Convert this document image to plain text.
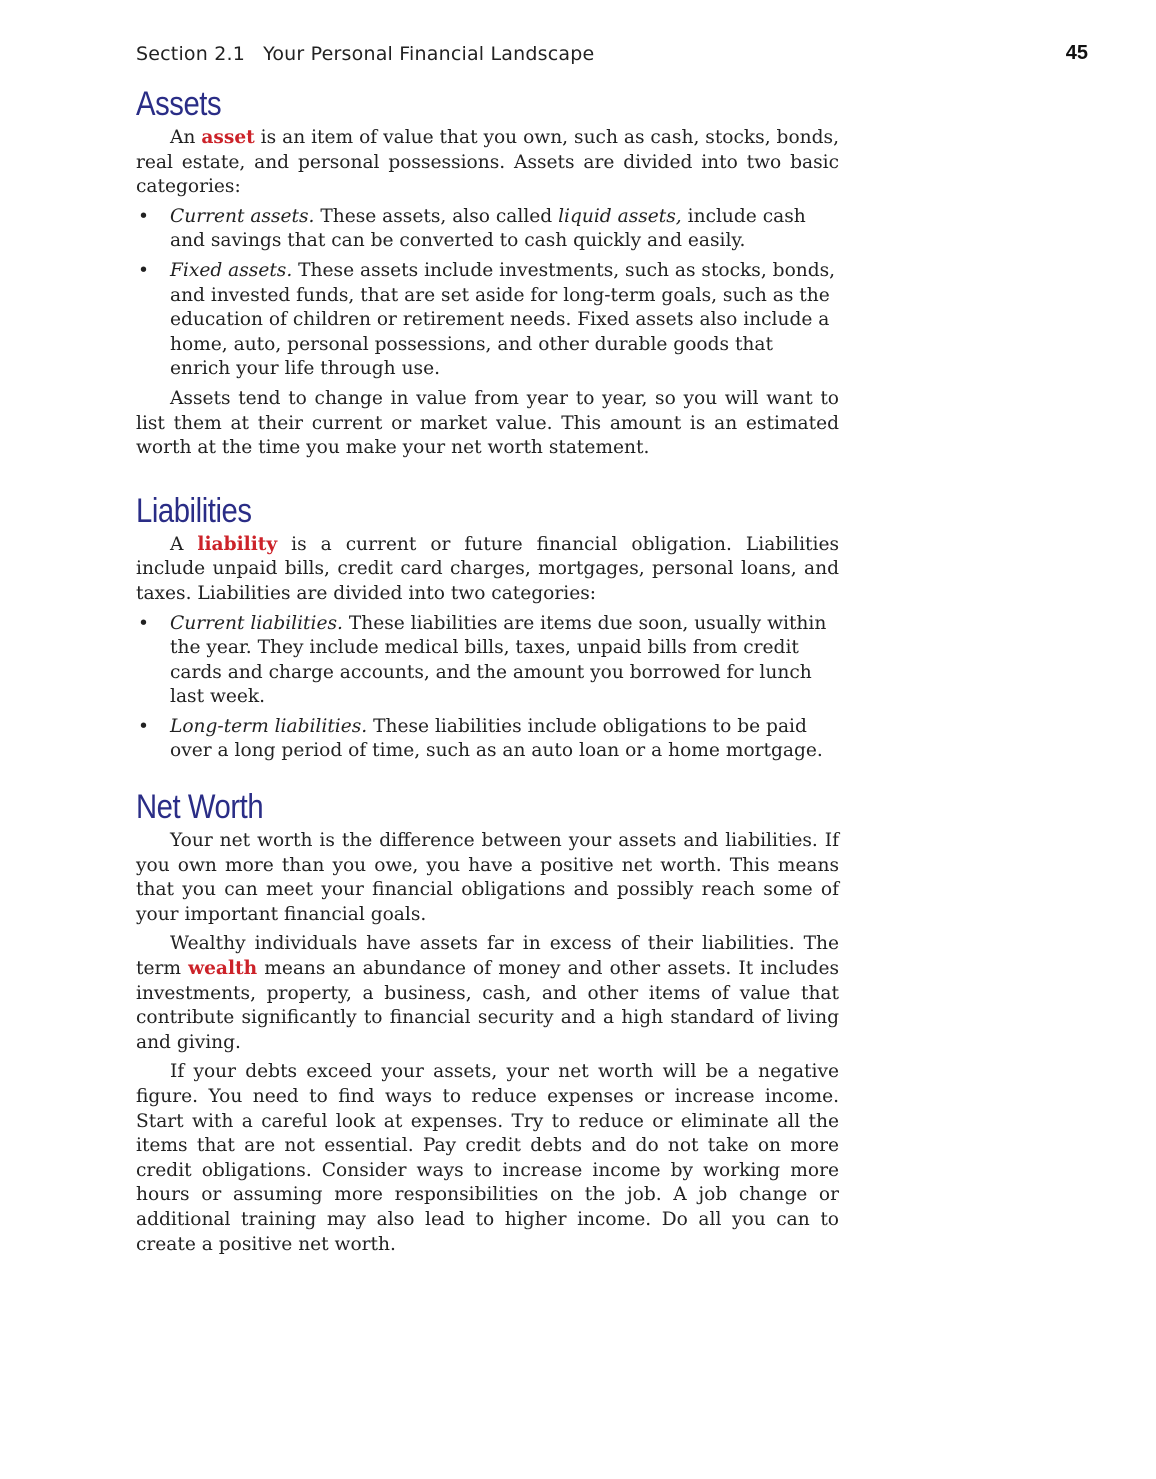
Section 2.1 Your Personal Financial Landscape	45
Assets

An asset is an item of value that you own, such as cash, stocks, bonds, real estate, and personal possessions. Assets are divided into two basic categories:

• Current assets. These assets, also called liquid assets, include cash and savings that can be converted to cash quickly and easily.
• Fixed assets. These assets include investments, such as stocks, bonds, and invested funds, that are set aside for long-term goals, such as the education of children or retirement needs. Fixed assets also include a home, auto, personal possessions, and other durable goods that enrich your life through use.

Assets tend to change in value from year to year, so you will want to list them at their current or market value. This amount is an estimated worth at the time you make your net worth statement.

Liabilities

A liability is a current or future financial obligation. Liabilities include unpaid bills, credit card charges, mortgages, personal loans, and taxes. Liabilities are divided into two categories:

• Current liabilities. These liabilities are items due soon, usually within the year. They include medical bills, taxes, unpaid bills from credit cards and charge accounts, and the amount you borrowed for lunch last week.
• Long-term liabilities. These liabilities include obligations to be paid over a long period of time, such as an auto loan or a home mortgage.
Net Worth

Your net worth is the difference between your assets and liabilities. If you own more than you owe, you have a positive net worth. This means that you can meet your financial obligations and possibly reach some of your important financial goals.

Wealthy individuals have assets far in excess of their liabilities. The term wealth means an abundance of money and other assets. It includes investments, property, a business, cash, and other items of value that contribute significantly to financial security and a high standard of living and giving.

If your debts exceed your assets, your net worth will be a negative figure. You need to find ways to reduce expenses or increase income. Start with a careful look at expenses. Try to reduce or eliminate all the items that are not essential. Pay credit debts and do not take on more credit obligations. Consider ways to increase income by working more hours or assuming more responsibilities on the job. A job change or additional training may also lead to higher income. Do all you can to create a positive net worth.
